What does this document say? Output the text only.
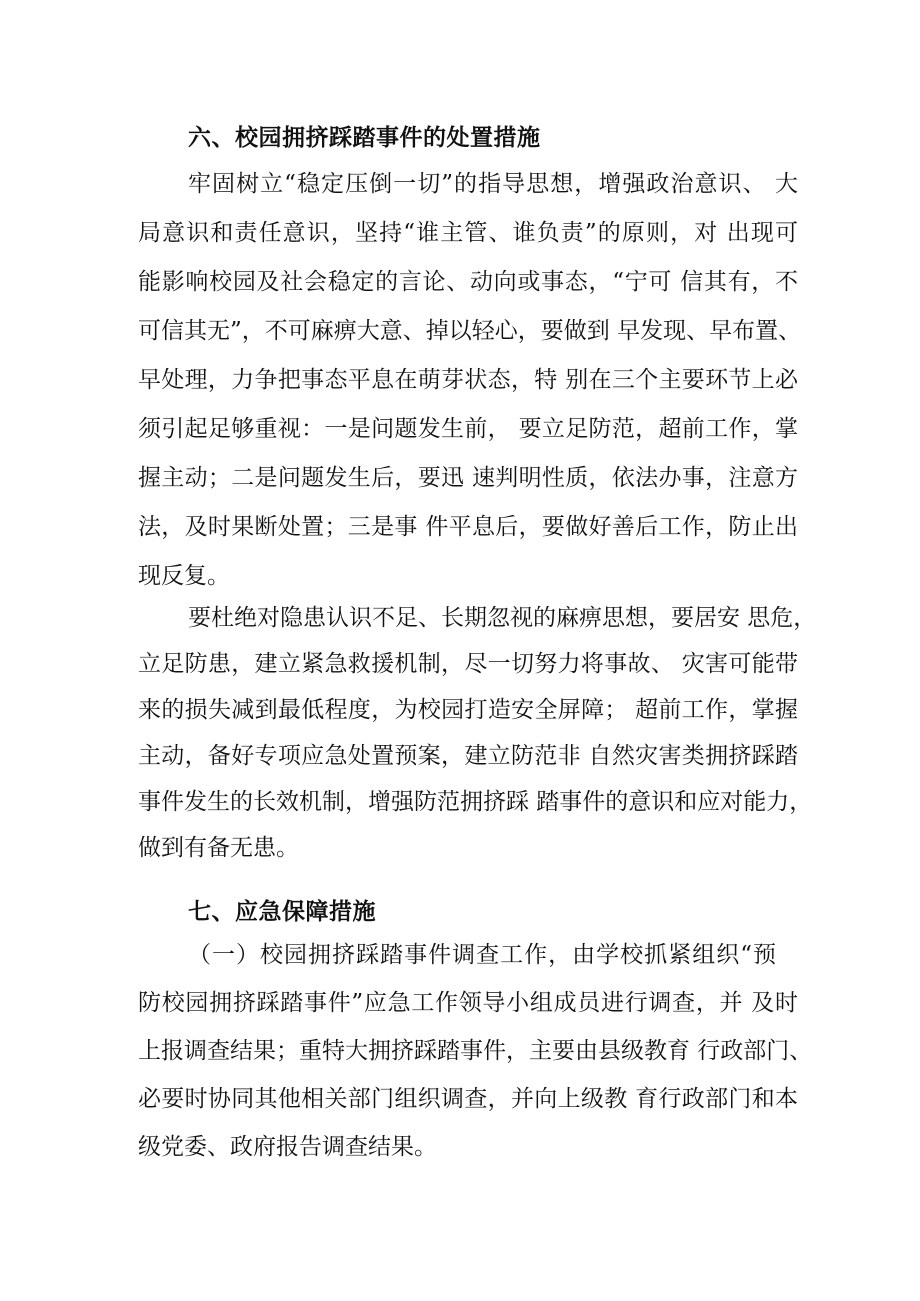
六、校园拥挤踩踏事件的处置措施
牢固树立“稳定压倒一切”的指导思想，增强政治意识、 大
局意识和责任意识，坚持“谁主管、谁负责”的原则，对 出现可
能影响校园及社会稳定的言论、动向或事态，“宁可 信其有，不
可信其无”，不可麻痹大意、掉以轻心，要做到 早发现、早布置、
早处理，力争把事态平息在萌芽状态，特 别在三个主要环节上必
须引起足够重视：一是问题发生前， 要立足防范，超前工作，掌
握主动；二是问题发生后，要迅 速判明性质，依法办事，注意方
法，及时果断处置；三是事 件平息后，要做好善后工作，防止出
现反复。
要杜绝对隐患认识不足、长期忽视的麻痹思想，要居安 思危，
立足防患，建立紧急救援机制，尽一切努力将事故、 灾害可能带
来的损失减到最低程度，为校园打造安全屏障； 超前工作，掌握
主动，备好专项应急处置预案，建立防范非 自然灾害类拥挤踩踏
事件发生的长效机制，增强防范拥挤踩 踏事件的意识和应对能力，
做到有备无患。
七、应急保障措施
（一）校园拥挤踩踏事件调查工作，由学校抓紧组织“预
防校园拥挤踩踏事件”应急工作领导小组成员进行调查，并 及时
上报调查结果；重特大拥挤踩踏事件，主要由县级教育 行政部门、
必要时协同其他相关部门组织调查，并向上级教 育行政部门和本
级党委、政府报告调查结果。
